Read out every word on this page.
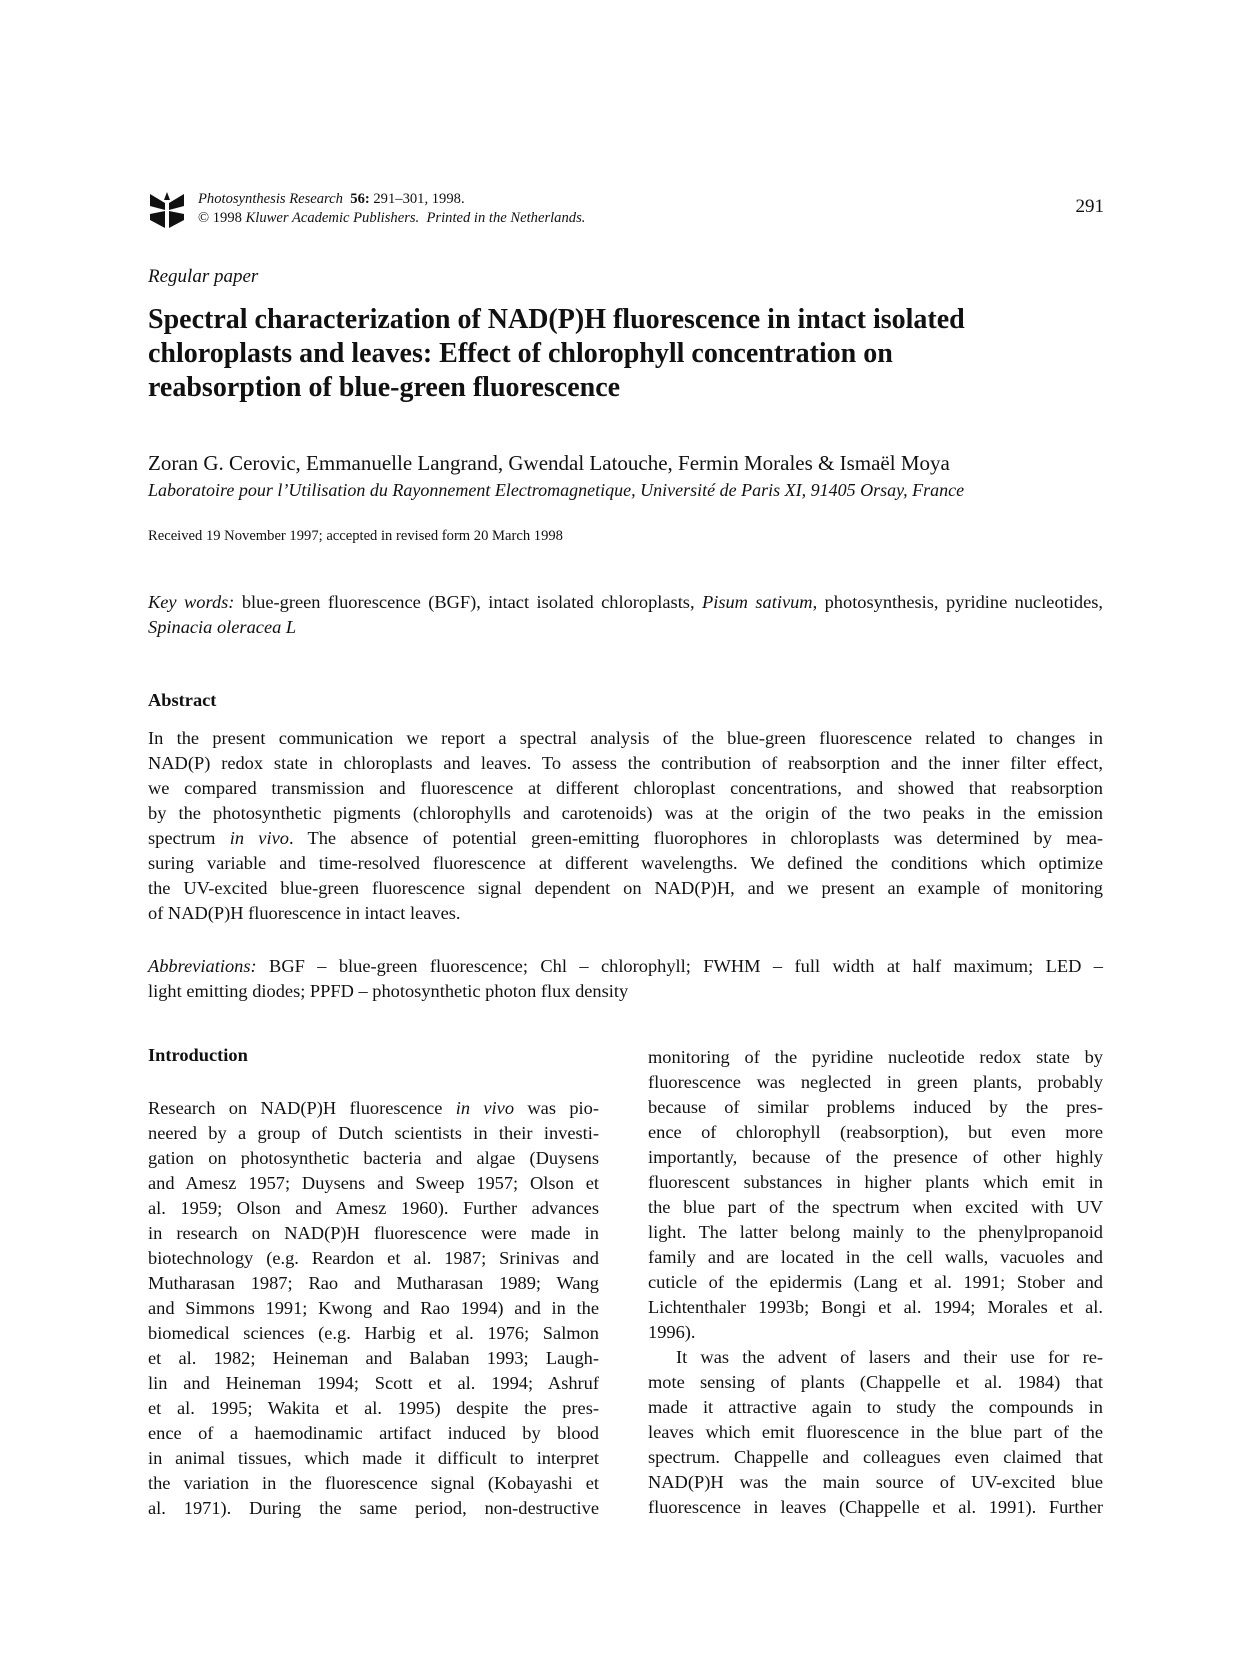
Photosynthesis Research 56: 291–301, 1998.
© 1998 Kluwer Academic Publishers.  Printed in the Netherlands.
291
Regular paper
Spectral characterization of NAD(P)H fluorescence in intact isolated
chloroplasts and leaves: Effect of chlorophyll concentration on
reabsorption of blue-green fluorescence
Zoran G. Cerovic, Emmanuelle Langrand, Gwendal Latouche, Fermin Morales & Ismaël Moya
Laboratoire pour l’Utilisation du Rayonnement Electromagnetique, Université de Paris XI, 91405 Orsay, France
Received 19 November 1997; accepted in revised form 20 March 1998

Key words: blue-green fluorescence (BGF), intact isolated chloroplasts, Pisum sativum, photosynthesis, pyridine nucleotides, Spinacia oleracea L

Abstract

In the present communication we report a spectral analysis of the blue-green fluorescence related to changes in
NAD(P) redox state in chloroplasts and leaves. To assess the contribution of reabsorption and the inner filter effect,
we compared transmission and fluorescence at different chloroplast concentrations, and showed that reabsorption
by the photosynthetic pigments (chlorophylls and carotenoids) was at the origin of the two peaks in the emission
spectrum in vivo. The absence of potential green-emitting fluorophores in chloroplasts was determined by mea-
suring variable and time-resolved fluorescence at different wavelengths. We defined the conditions which optimize
the UV-excited blue-green fluorescence signal dependent on NAD(P)H, and we present an example of monitoring
of NAD(P)H fluorescence in intact leaves.

Abbreviations: BGF – blue-green fluorescence; Chl – chlorophyll; FWHM – full width at half maximum; LED –
light emitting diodes; PPFD – photosynthetic photon flux density

Introduction

Research on NAD(P)H fluorescence in vivo was pio-
neered by a group of Dutch scientists in their investi-
gation on photosynthetic bacteria and algae (Duysens
and Amesz 1957; Duysens and Sweep 1957; Olson et
al. 1959; Olson and Amesz 1960). Further advances
in research on NAD(P)H fluorescence were made in
biotechnology (e.g. Reardon et al. 1987; Srinivas and
Mutharasan 1987; Rao and Mutharasan 1989; Wang
and Simmons 1991; Kwong and Rao 1994) and in the
biomedical sciences (e.g. Harbig et al. 1976; Salmon
et al. 1982; Heineman and Balaban 1993; Laugh-
lin and Heineman 1994; Scott et al. 1994; Ashruf
et al. 1995; Wakita et al. 1995) despite the pres-
ence of a haemodinamic artifact induced by blood
in animal tissues, which made it difficult to interpret
the variation in the fluorescence signal (Kobayashi et
al. 1971). During the same period, non-destructive

monitoring of the pyridine nucleotide redox state by
fluorescence was neglected in green plants, probably
because of similar problems induced by the pres-
ence of chlorophyll (reabsorption), but even more
importantly, because of the presence of other highly
fluorescent substances in higher plants which emit in
the blue part of the spectrum when excited with UV
light. The latter belong mainly to the phenylpropanoid
family and are located in the cell walls, vacuoles and
cuticle of the epidermis (Lang et al. 1991; Stober and
Lichtenthaler 1993b; Bongi et al. 1994; Morales et al.
1996).
It was the advent of lasers and their use for re-
mote sensing of plants (Chappelle et al. 1984) that
made it attractive again to study the compounds in
leaves which emit fluorescence in the blue part of the
spectrum. Chappelle and colleagues even claimed that
NAD(P)H was the main source of UV-excited blue
fluorescence in leaves (Chappelle et al. 1991). Further
